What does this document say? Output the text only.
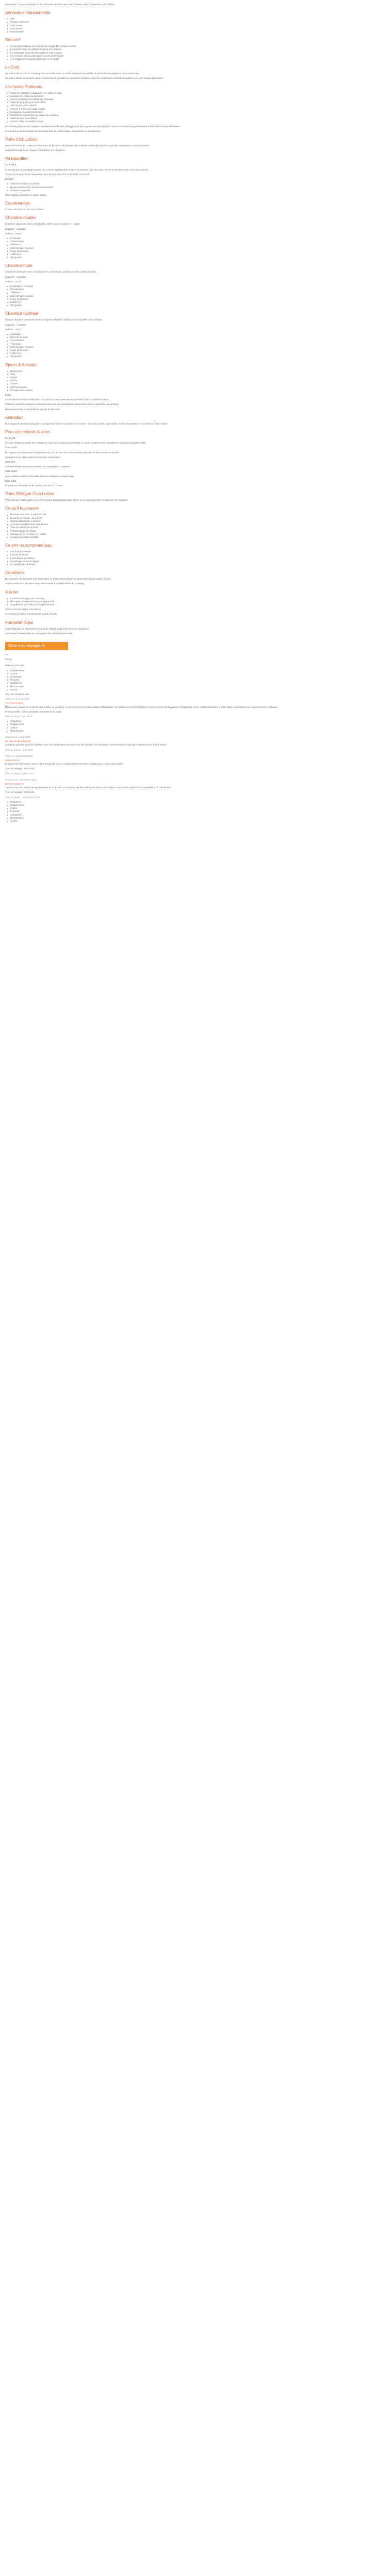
Découvrez 21 jeux, campings et 12 carrés en camping avec la Fermeture Légé Campionne, Aire Côtière.

Services et équipements
Wifi
Piscine extérieure
Club enfant
Animations
Climatisation
Résumé
Le camping dispose de 3 étoiles et compte 120 emplacements
La grande plage de galets se trouve à 5 minutes
Le restaurant principal est ouvert en haute saison
La réception est ouverte tous les jours de 8h à 20h
Les emplacements sont ombragés et délimités
Le Club

Situé en bord de mer, le camping vous accueille dans un cadre verdoyant et paisible, à proximité des plages et des commerces.

Un club enfants est proposé pour les plus jeunes pendant les vacances scolaires, avec de nombreuses activités encadrées par une équipe d'animation.

Les loisirs Pratiques
Cours de natation et d'aquagym en juillet et août
Location de vélos à la réception
Terrain multisports et terrain de pétanque
Table de ping-pong en accès libre
Aire de jeux pour enfants
Soirées à thème en haute saison
Location de kayaks à proximité
Randonnées pédestres au départ du camping
Salle de jeux avec billard
Sentier côtier accessible à pied

Le camping dispose d'un espace aquatique chauffé avec toboggans et pataugeoire pour les enfants. Les transats sont mis gratuitement à disposition autour du bassin.

Les animaux sont acceptés sur demande lors de la réservation, moyennant un supplément.

Votre Club Loisirs

Votre club loisirs est ouvert tous les jours de la saison et propose des activités variées pour petits et grands, en journée comme en soirée.

Inscriptions auprès de l'équipe d'animation à la réception.

Restauration

LE SABLE

Le restaurant du camping propose une cuisine traditionnelle à base de produits frais et locaux, servie en terrasse avec vue sur la piscine.

Ouvert du 1er juin au 15 septembre, tous les jours de 12h à 14h et de 19h à 22h.

LE BAR

Glaces et boissons fraîches
Retransmission des événements sportifs
Snacks à emporter

Réservation conseillée en haute saison.

Coordonnées

Chemin du bord de mer, Aire Côtière.

Chambre double

Chambre spacieuse avec un lit double, idéale pour un séjour en couple.

Capacité : 2 adultes

Surface : 15 m²

Lit double
Climatisation
Télévision
Salle de bain privative
Linge de lit fourni
Coffre-fort
Wifi gratuit
Chambre triple

Chambre lumineuse avec un lit double et un lit simple, parfaite pour les petites familles.

Capacité : 3 adultes

Surface : 20 m²

Lit double et lit simple
Climatisation
Télévision
Salle de bain privative
Linge de lit fourni
Coffre-fort
Wifi gratuit
Chambre familiale

Grande chambre composée de deux espaces séparés, idéale pour les familles avec enfants.

Capacité : 4 adultes

Surface : 28 m²

Lit double
Deux lits simples
Climatisation
Télévision
Salle de bain privative
Linge de lit fourni
Coffre-fort
Wifi gratuit
Sports & Activités
Randonnée
Vélo
Kayak
Pêche
Tennis
Golf à proximité
Plongée sous-marine

Inclus

Accès libre au terrain multisports, à la piscine et aux aires de jeux pendant toute la durée du séjour.

Certaines activités nautiques sont proposées par des prestataires partenaires situés à proximité du camping.

Renseignements et réservations auprès de l'accueil.

Animation

Une équipe d'animation propose un programme varié en journée et en soirée : tournois sportifs, spectacles, soirées dansantes et concerts en haute saison.

Pour vos enfants & ados

LE CLUB

Le club enfants accueille les enfants de 4 à 12 ans du lundi au vendredi, le matin et l'après-midi, pendant les vacances scolaires d'été.

LES ADOS

Un espace est réservé aux adolescents de 13 à 17 ans avec des activités sportives et des sorties encadrées.

Inscriptions sur place auprès de l'équipe d'animation.

Club Mini

Activités d'éveil pour les tout-petits, accompagnés d'un parent.

Club Junior

Jeux, ateliers créatifs et activités sportives adaptés à chaque âge.

Club Ados

Programme d'activités et de sorties pour les 13-17 ans.

Votre Délégué Club Loisirs

Votre délégué Club Loisirs est à votre écoute pendant tout votre séjour pour vous conseiller et organiser vos activités.

Ce qu'il faut savoir
Horaires d'arrivée : à partir de 16h
Horaires de départ : avant 10h
Caution demandée à l'arrivée
Animaux acceptés avec supplément
Taxe de séjour non incluse
Parking gratuit sur place
Ménage de fin de séjour en option
Location de draps possible
Ce prix ne comprend pas
Les frais de dossier
La taxe de séjour
L'assurance annulation
Le ménage de fin de séjour
Le supplément animaux
Conditions

Un acompte est demandé à la réservation, le solde étant à régler au plus tard 30 jours avant l'arrivée.

Toute modification de réservation est soumise à la disponibilité du camping.

À noter
Fonction messager par camping
Réception fermée le dimanche après-midi
Supplément pour véhicule supplémentaire

Tenue correcte exigée à la piscine.

Le respect du calme est demandé à partir de 23h.

Formalité Grise

Carte d'identité ou passeport en cours de validité exigé pour tous les voyageurs.

Les mineurs doivent être accompagnés d'un adulte responsable.

Note des voyageurs

3.5

Moyen

Basé sur 150 avis

Équipements
Calme
Chambres
Propreté
Qualité/prix
Restauration
Sports

Voir les 4 derniers avis

Séjourné le 8 juin 2021

Très beau séjour

Nous avons passé un excellent séjour dans ce camping. Le personnel est très accueillant et disponible, les emplacements sont propres et bien entretenus. La piscine est agréable et les enfants ont adoré le club. Nous reviendrons avec plaisir l'année prochaine.

Points positifs : calme, propreté, proximité de la plage.

Date du séjour : juin 2021

Chambres
Équipements
Calme
Restauration

Séjourné le 3 août 2020

Un bon camping familial

Camping agréable pour les familles, avec de nombreuses activités pour les enfants. Les sanitaires pourraient être un peu plus entretenus en haute saison.

Date du séjour : août 2020

Séjourné le 20 juillet 2020

Séjour correct

Emplacement bien situé mais un peu bruyant le soir. Le restaurant est de bonne qualité pour un prix raisonnable.

Type de voyage : En couple

Date du séjour : juillet 2020

Séjourné le 2 septembre 2019

Bonnes vacances

Très bon accueil, personnel sympathique et à l'écoute. Le camping est bien situé pour découvrir la région. Nous avons apprécié la tranquillité en fin de saison.

Type de voyage : En famille

Date du séjour : septembre 2019

Chambres
Équipements
Calme
Propreté
Qualité/prix
Restauration
Sports
